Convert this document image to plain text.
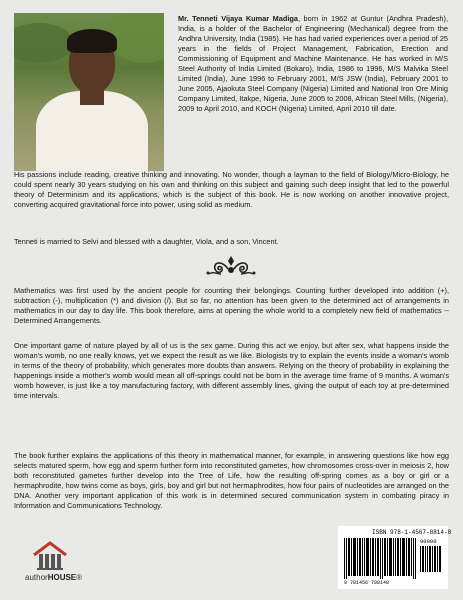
Mr. Tenneti Vijaya Kumar Madiga, born in 1962 at Guntur (Andhra Pradesh), India, is a holder of the Bachelor of Engineering (Mechanical) degree from the Andhra University, India (1985). He has had varied experiences over a period of 25 years in the fields of Project Management, Fabrication, Erection and Commissioning of Equipment and Machine Maintenance. He has worked in M/S Steel Authority of India Limited (Bokaro), India, 1986 to 1996, M/S Malvika Steel Limited (India), June 1996 to February 2001, M/S JSW (India), February 2001 to June 2005, Ajaokuta Steel Company (Nigeria) Limited and National Iron Ore Minig Company Limited, Itakpe, Nigeria, June 2005 to 2008, African Steel Mills, (Nigeria), 2009 to April 2010, and KOCH (Nigeria) Limited, April 2010 till date.
His passions include reading, creative thinking and innovating. No wonder, though a layman to the field of Biology/Micro-Biology, he could spent nearly 30 years studying on his own and thinking on this subject and gaining such deep insight that led to the powerful theory of Determinism and its applications, which is the subject of this book. He is now working on another innovative project, converting acquired gravitational force into power, using solid as medium.
Tenneti is married to Selvi and blessed with a daughter, Viola, and a son, Vincent.
Mathematics was first used by the ancient people for counting their belongings. Counting further developed into addition (+), subtraction (-), multiplication (*) and division (/). But so far, no attention has been given to the determined act of arrangements in mathematics in our day to day life. This book therefore, aims at opening the whole world to a completely new field of mathematics --Determined Arrangements.
One important game of nature played by all of us is the sex game. During this act we enjoy, but after sex, what happens inside the woman's womb, no one really knows, yet we expect the result as we like. Biologists try to explain the events inside a woman's womb in terms of the theory of probability, which generates more doubts than answers. Relying on the theory of probability in explaining the happenings inside a mother's womb would mean all off-springs could not be born in the average time frame of 9 months. A woman's womb however, is just like a toy manufacturing factory, with different assembly lines, giving the output of each toy at pre-determined time intervals.
The book further explains the applications of this theory in mathematical manner, for example, in answering questions like how egg selects matured sperm, how egg and sperm further form into reconstituted gametes, how chromosomes cross-over in meiosis 2, how both reconstituted gametes further develop into the Tree of Life, how the resulting off-spring comes as a boy or girl or a hermaphrodite, how twins come as boys, girls, boy and girl but not hermaphrodites, how four pairs of nucleotides are arranged on the DNA. Another very important application of this work is in determined secured communication system in combating piracy in Information and Communications Technology.
authorHOUSE®
ISBN 978-1-4567-8814-8
90000
9 781456 788148
